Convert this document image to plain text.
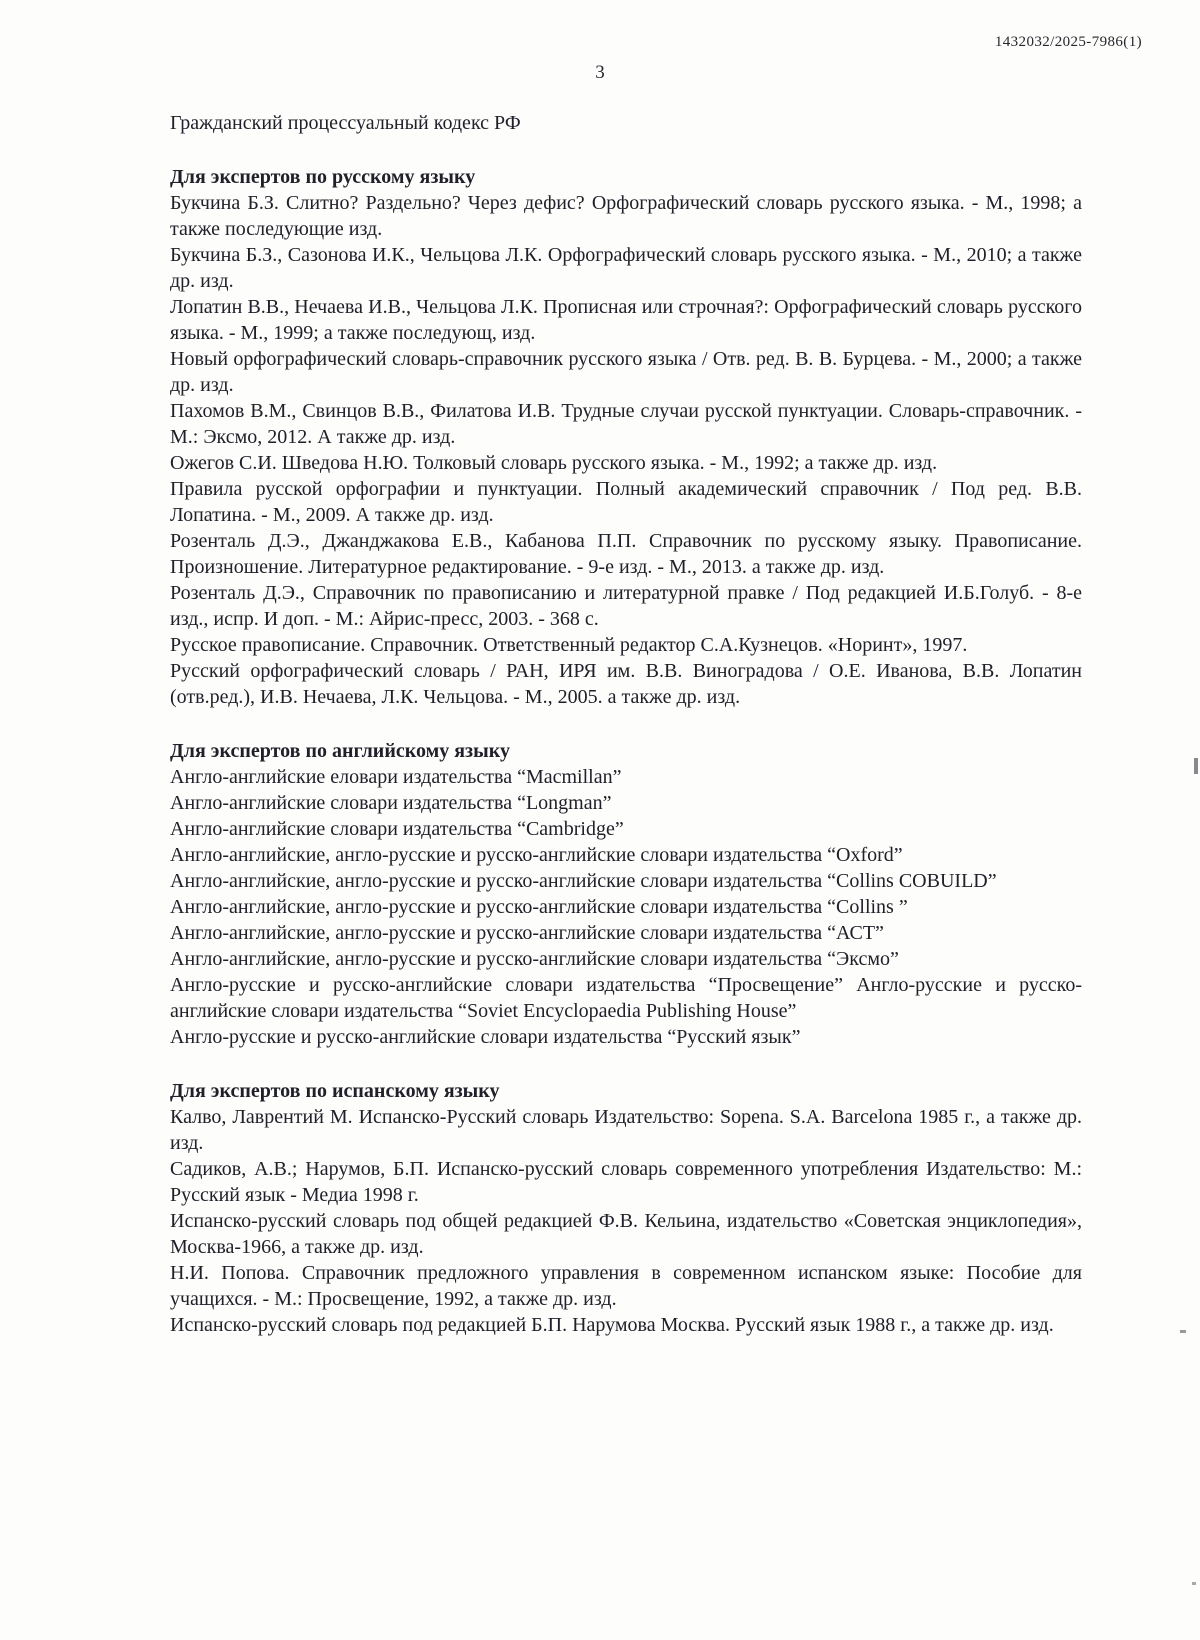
1432032/2025-7986(1)
3

Гражданский процессуальный кодекс РФ

Для экспертов по русскому языку

Букчина Б.З. Слитно? Раздельно? Через дефис? Орфографический словарь русского языка. - М., 1998; а также последующие изд.

Букчина Б.З., Сазонова И.К., Чельцова Л.К. Орфографический словарь русского языка. - М., 2010; а также др. изд.

Лопатин В.В., Нечаева И.В., Чельцова Л.К. Прописная или строчная?: Орфографический словарь русского языка. - М., 1999; а также последующ, изд.

Новый орфографический словарь-справочник русского языка / Отв. ред. В. В. Бурцева. - М., 2000; а также др. изд.

Пахомов В.М., Свинцов В.В., Филатова И.В. Трудные случаи русской пунктуации. Словарь-справочник. - М.: Эксмо, 2012. А также др. изд.

Ожегов С.И. Шведова Н.Ю. Толковый словарь русского языка. - М., 1992; а также др. изд.

Правила русской орфографии и пунктуации. Полный академический справочник / Под ред. В.В. Лопатина. - М., 2009. А также др. изд.

Розенталь Д.Э., Джанджакова Е.В., Кабанова П.П. Справочник по русскому языку. Правописание. Произношение. Литературное редактирование. - 9-е изд. - М., 2013. а также др. изд.

Розенталь Д.Э., Справочник по правописанию и литературной правке / Под редакцией И.Б.Голуб. - 8-е изд., испр. И доп. - М.: Айрис-пресс, 2003. - 368 с.

Русское правописание. Справочник. Ответственный редактор С.А.Кузнецов. «Норинт», 1997.

Русский орфографический словарь / РАН, ИРЯ им. В.В. Виноградова / О.Е. Иванова, В.В. Лопатин (отв.ред.), И.В. Нечаева, Л.К. Чельцова. - М., 2005. а также др. изд.

Для экспертов по английскому языку

Англо-английские еловари издательства “Macmillan”

Англо-английские словари издательства “Longman”

Англо-английские словари издательства “Cambridge”

Англо-английские, англо-русские и русско-английские словари издательства “Oxford”

Англо-английские, англо-русские и русско-английские словари издательства “Collins COBUILD”

Англо-английские, англо-русские и русско-английские словари издательства “Collins ”

Англо-английские, англо-русские и русско-английские словари издательства “АСТ”

Англо-английские, англо-русские и русско-английские словари издательства “Эксмо”

Англо-русские и русско-английские словари издательства “Просвещение” Англо-русские и русско-английские словари издательства “Soviet Encyclopaedia Publishing House”

Англо-русские и русско-английские словари издательства “Русский язык”

Для экспертов по испанскому языку

Калво, Лаврентий М. Испанско-Русский словарь Издательство: Sopena. S.A. Barcelona 1985 г., а также др. изд.

Садиков, А.В.; Нарумов, Б.П. Испанско-русский словарь современного употребления Издательство: М.: Русский язык - Медиа 1998 г.

Испанско-русский словарь под общей редакцией Ф.В. Кельина, издательство «Советская энциклопедия», Москва-1966, а также др. изд.

Н.И. Попова. Справочник предложного управления в современном испанском языке: Пособие для учащихся. - М.: Просвещение, 1992, а также др. изд.

Испанско-русский словарь под редакцией Б.П. Нарумова Москва. Русский язык 1988 г., а также др. изд.
